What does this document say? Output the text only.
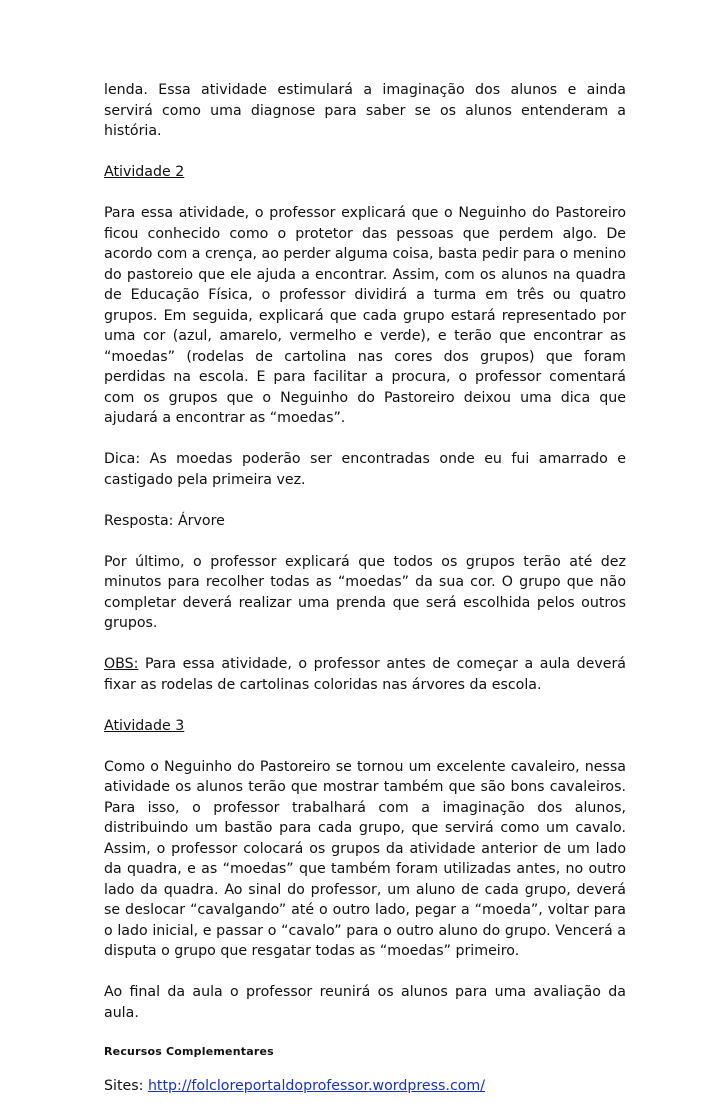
lenda. Essa atividade estimulará a imaginação dos alunos e ainda servirá como uma diagnose para saber se os alunos entenderam a história.

Atividade 2

Para essa atividade, o professor explicará que o Neguinho do Pastoreiro ficou conhecido como o protetor das pessoas que perdem algo. De acordo com a crença, ao perder alguma coisa, basta pedir para o menino do pastoreio que ele ajuda a encontrar. Assim, com os alunos na quadra de Educação Física, o professor dividirá a turma em três ou quatro grupos. Em seguida, explicará que cada grupo estará representado por uma cor (azul, amarelo, vermelho e verde), e terão que encontrar as “moedas” (rodelas de cartolina nas cores dos grupos) que foram perdidas na escola. E para facilitar a procura, o professor comentará com os grupos que o Neguinho do Pastoreiro deixou uma dica que ajudará a encontrar as “moedas”.

Dica: As moedas poderão ser encontradas onde eu fui amarrado e castigado pela primeira vez.

Resposta: Árvore

Por último, o professor explicará que todos os grupos terão até dez minutos para recolher todas as “moedas” da sua cor. O grupo que não completar deverá realizar uma prenda que será escolhida pelos outros grupos.

OBS: Para essa atividade, o professor antes de começar a aula deverá fixar as rodelas de cartolinas coloridas nas árvores da escola.

Atividade 3

Como o Neguinho do Pastoreiro se tornou um excelente cavaleiro, nessa atividade os alunos terão que mostrar também que são bons cavaleiros. Para isso, o professor trabalhará com a imaginação dos alunos, distribuindo um bastão para cada grupo, que servirá como um cavalo. Assim, o professor colocará os grupos da atividade anterior de um lado da quadra, e as “moedas” que também foram utilizadas antes, no outro lado da quadra. Ao sinal do professor, um aluno de cada grupo, deverá se deslocar “cavalgando” até o outro lado, pegar a “moeda”, voltar para o lado inicial, e passar o “cavalo” para o outro aluno do grupo. Vencerá a disputa o grupo que resgatar todas as “moedas” primeiro.

Ao final da aula o professor reunirá os alunos para uma avaliação da aula.

Recursos Complementares

Sites: http://folcloreportaldoprofessor.wordpress.com/
